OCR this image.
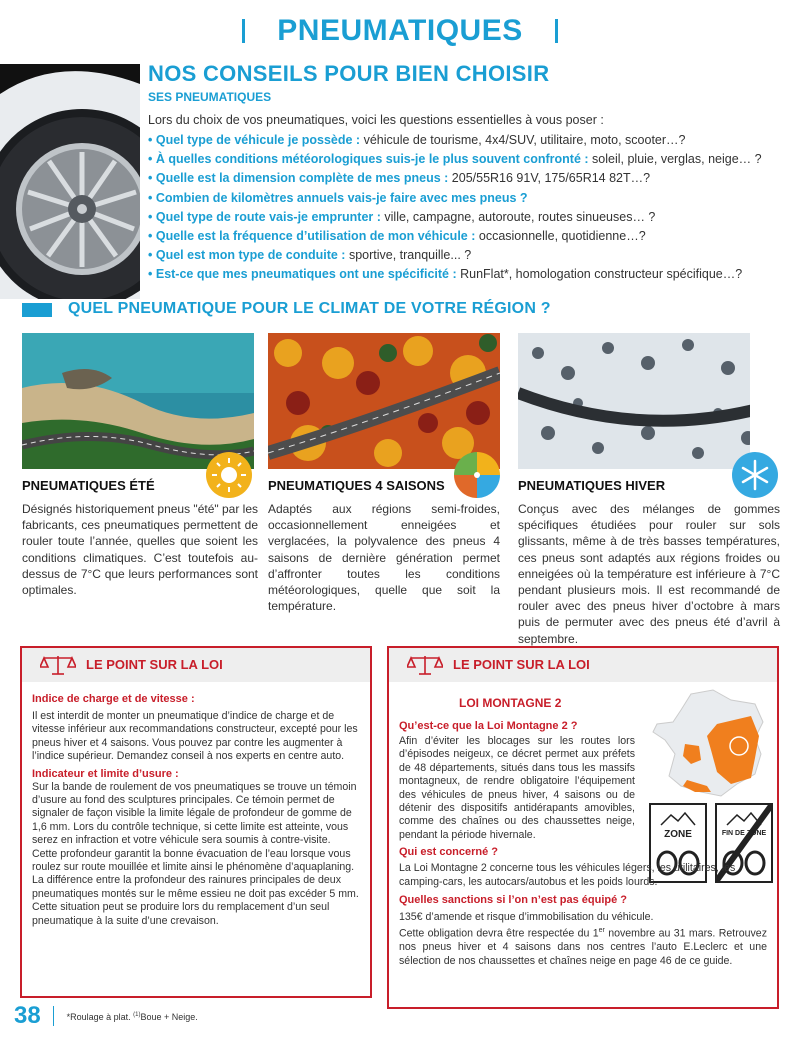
PNEUMATIQUES
NOS CONSEILS POUR BIEN CHOISIR
SES PNEUMATIQUES

Lors du choix de vos pneumatiques, voici les questions essentielles à vous poser :

• Quel type de véhicule je possède : véhicule de tourisme, 4x4/SUV, utilitaire, moto, scooter…?
• À quelles conditions météorologiques suis-je le plus souvent confronté : soleil, pluie, verglas, neige… ?
• Quelle est la dimension complète de mes pneus : 205/55R16 91V, 175/65R14 82T…?
• Combien de kilomètres annuels vais-je faire avec mes pneus ?
• Quel type de route vais-je emprunter : ville, campagne, autoroute, routes sinueuses… ?
• Quelle est la fréquence d’utilisation de mon véhicule : occasionnelle, quotidienne…?
• Quel est mon type de conduite : sportive, tranquille... ?
• Est-ce que mes pneumatiques ont une spécificité : RunFlat*, homologation constructeur spécifique…?
QUEL PNEUMATIQUE POUR LE CLIMAT DE VOTRE RÉGION ?
PNEUMATIQUES ÉTÉ

Désignés historiquement pneus "été" par les fabricants, ces pneumatiques permettent de rouler toute l’année, quelles que soient les conditions climatiques. C’est toutefois au-dessus de 7°C que leurs performances sont optimales.

PNEUMATIQUES 4 SAISONS

Adaptés aux régions semi-froides, occasionnellement enneigées et verglacées, la polyvalence des pneus 4 saisons de dernière génération permet d’affronter toutes les conditions météorologiques, quelle que soit la température.

PNEUMATIQUES HIVER

Conçus avec des mélanges de gommes spécifiques étudiées pour rouler sur sols glissants, même à de très basses températures, ces pneus sont adaptés aux régions froides ou enneigées où la température est inférieure à 7°C pendant plusieurs mois. Il est recommandé de rouler avec des pneus hiver d’octobre à mars puis de permuter avec des pneus été d’avril à septembre.

LE POINT SUR LA LOI
Indice de charge et de vitesse :
Il est interdit de monter un pneumatique d’indice de charge et de vitesse inférieur aux recommandations constructeur, excepté pour les pneus hiver et 4 saisons. Vous pouvez par contre les augmenter à l’indice supérieur. Demandez conseil à nos experts en centre auto.
Indicateur et limite d’usure :
Sur la bande de roulement de vos pneumatiques se trouve un témoin d’usure au fond des sculptures principales. Ce témoin permet de signaler de façon visible la limite légale de profondeur de gomme de 1,6 mm. Lors du contrôle technique, si cette limite est atteinte, vous serez en infraction et votre véhicule sera soumis à contre-visite.
Cette profondeur garantit la bonne évacuation de l’eau lorsque vous roulez sur route mouillée et limite ainsi le phénomène d’aquaplaning.
La différence entre la profondeur des rainures principales de deux pneumatiques montés sur le même essieu ne doit pas excéder 5 mm. Cette situation peut se produire lors du remplacement d’un seul pneumatique à la suite d’une crevaison.
LE POINT SUR LA LOI
ZONE	FIN DE ZONE
LOI MONTAGNE 2
Qu’est-ce que la Loi Montagne 2 ?
Afin d’éviter les blocages sur les routes lors d’épisodes neigeux, ce décret permet aux préfets de 48 départements, situés dans tous les massifs montagneux, de rendre obligatoire l’équipement des véhicules de pneus hiver, 4 saisons ou de détenir des dispositifs antidérapants amovibles, comme des chaînes ou des chaussettes neige, pendant la période hivernale.
Qui est concerné ?
La Loi Montagne 2 concerne tous les véhicules légers, les utilitaires, les camping-cars, les autocars/autobus et les poids lourds.
Quelles sanctions si l’on n’est pas équipé ?
135€ d’amende et risque d’immobilisation du véhicule.
Cette obligation devra être respectée du 1er novembre au 31 mars. Retrouvez nos pneus hiver et 4 saisons dans nos centres l’auto E.Leclerc et une sélection de nos chaussettes et chaînes neige en page 46 de ce guide.
38	*Roulage à plat. $^{(1)}$Boue + Neige.
